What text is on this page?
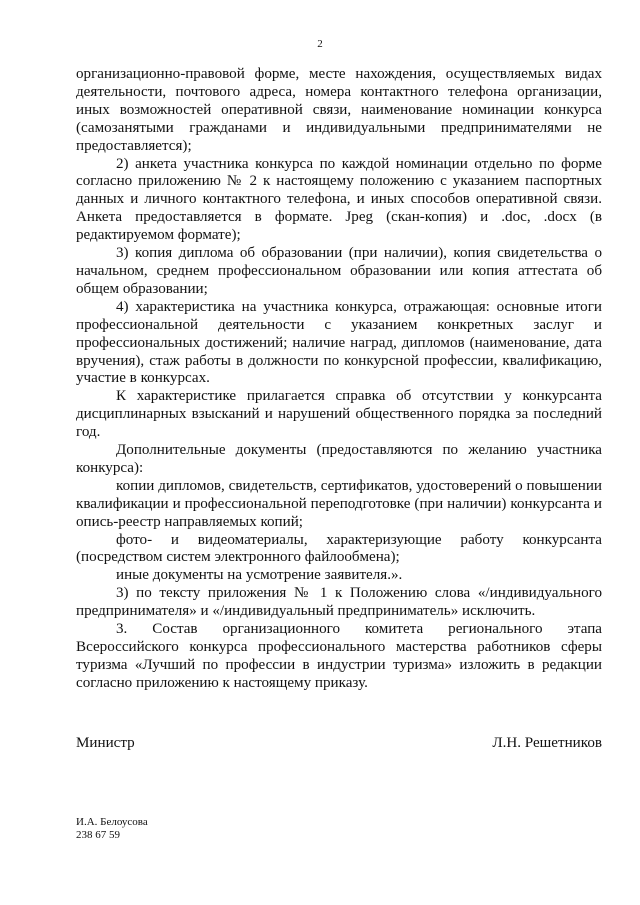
2

организационно-правовой форме, месте нахождения, осуществляемых видах деятельности, почтового адреса, номера контактного телефона организации, иных возможностей оперативной связи, наименование номинации конкурса (самозанятыми гражданами и индивидуальными предпринимателями не предоставляется);

2) анкета участника конкурса по каждой номинации отдельно по форме согласно приложению № 2 к настоящему положению с указанием паспортных данных и личного контактного телефона, и иных способов оперативной связи. Анкета предоставляется в формате. Jpeg (скан-копия) и .doc, .docx (в редактируемом формате);

3) копия диплома об образовании (при наличии), копия свидетельства о начальном, среднем профессиональном образовании или копия аттестата об общем образовании;

4) характеристика на участника конкурса, отражающая: основные итоги профессиональной деятельности с указанием конкретных заслуг и профессиональных достижений; наличие наград, дипломов (наименование, дата вручения), стаж работы в должности по конкурсной профессии, квалификацию, участие в конкурсах.

К характеристике прилагается справка об отсутствии у конкурсанта дисциплинарных взысканий и нарушений общественного порядка за последний год.

Дополнительные документы (предоставляются по желанию участника конкурса):

копии дипломов, свидетельств, сертификатов, удостоверений о повышении квалификации и профессиональной переподготовке (при наличии) конкурсанта и опись-реестр направляемых копий;

фото- и видеоматериалы, характеризующие работу конкурсанта (посредством систем электронного файлообмена);

иные документы на усмотрение заявителя.».

3) по тексту приложения № 1 к Положению слова «/индивидуального предпринимателя» и «/индивидуальный предприниматель» исключить.

3. Состав организационного комитета регионального этапа Всероссийского конкурса профессионального мастерства работников сферы туризма «Лучший по профессии в индустрии туризма» изложить в редакции согласно приложению к настоящему приказу.

Министр	Л.Н. Решетников
И.А. Белоусова
238 67 59
